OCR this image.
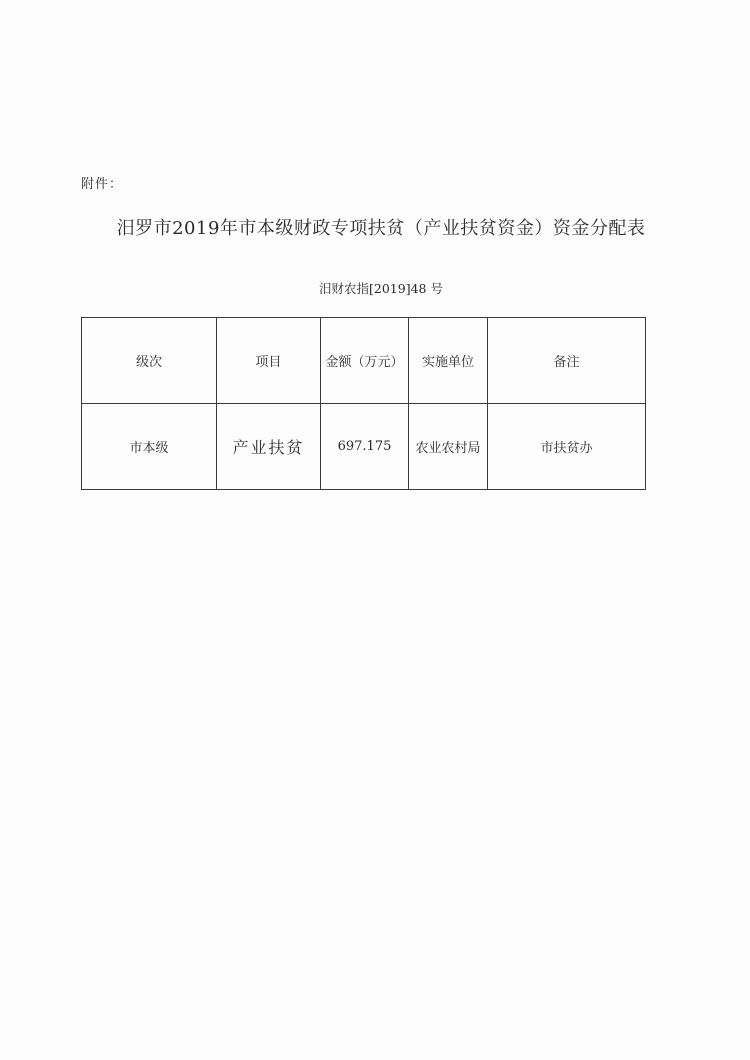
附件：
汨罗市2019年市本级财政专项扶贫（产业扶贫资金）资金分配表
汨财农指[2019]48 号
级次	项目	金额（万元）	实施单位	备注
市本级	产业扶贫	697.175	农业农村局	市扶贫办
